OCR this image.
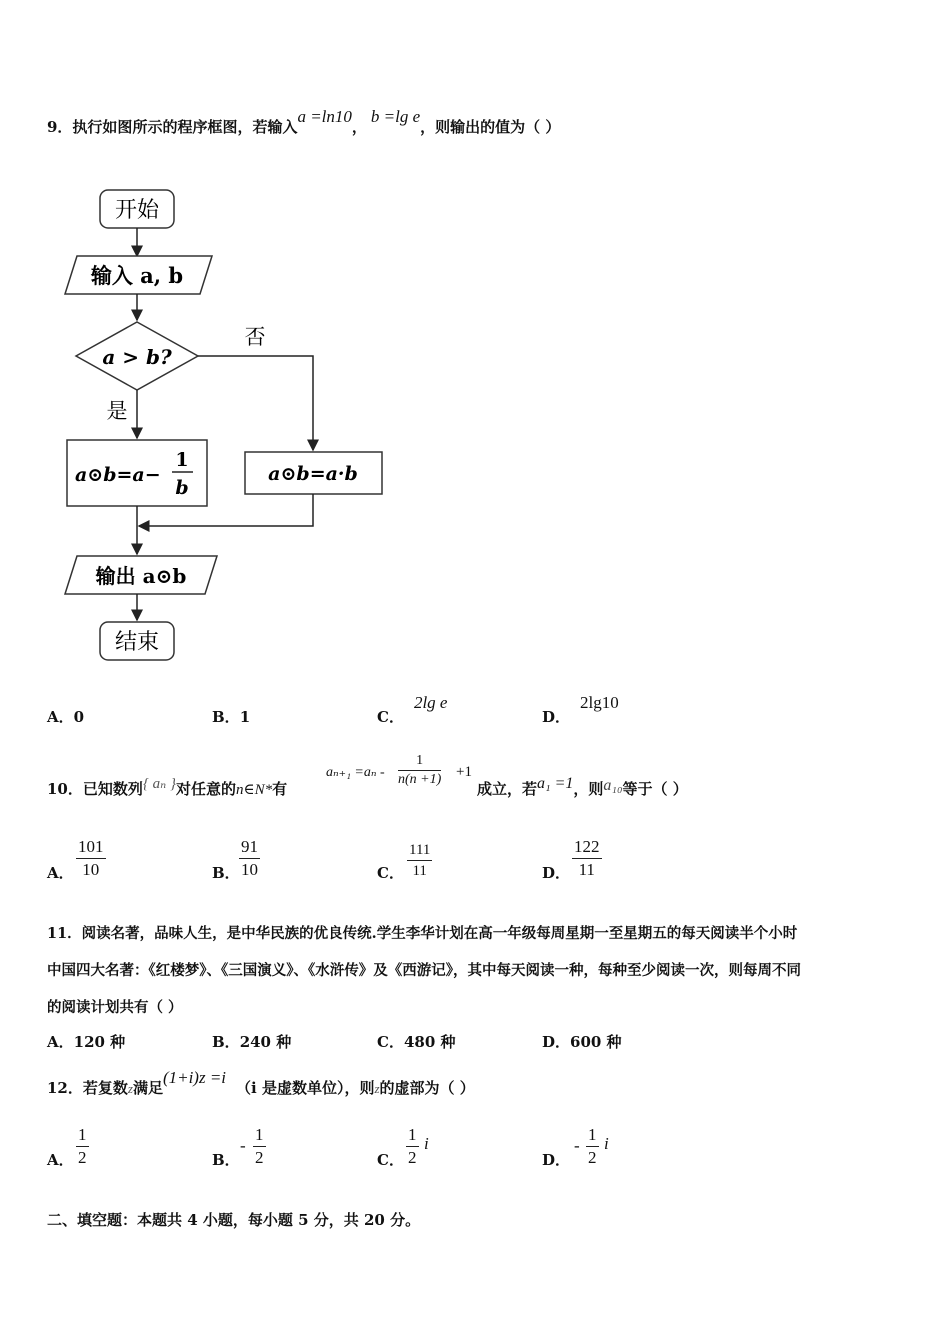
9．执行如图所示的程序框图，若输入a =ln10，b =lg e，则输出的值为（ ）
开始
输入 a, b
a > b?
否
是
a⊙b=a−
1
b
a⊙b=a·b
输出 a⊙b
结束
A．0	B．1	C．2lg e
D．2lg10
10．已知数列{ aₙ }对任意的n∈N*有
$a_{n+1} =a_n - \frac{1}{n(n +1)} +1$
成立，若a₁ =1，则a₁₀等于（ ）
A． $\frac{101}{10}$	B． $\frac{91}{10}$	C． $\frac{111}{11}$	D． $\frac{122}{11}$
11．阅读名著，品味人生，是中华民族的优良传统.学生李华计划在高一年级每周星期一至星期五的每天阅读半个小时
中国四大名著：《红楼梦》、《三国演义》、《水浒传》及《西游记》，其中每天阅读一种，每种至少阅读一次，则每周不同
的阅读计划共有（ ）
A．120 种	B．240 种	C．480 种	D．600 种
12．若复数z满足(1+i)z =i（i 是虚数单位），则z的虚部为（ ）
A． $\frac{1}{2}$	B．
- $\frac{1}{2}$	C． $\frac{1}{2}$ i
D．
- $\frac{1}{2}$ i
二、填空题：本题共 4 小题，每小题 5 分，共 20 分。
